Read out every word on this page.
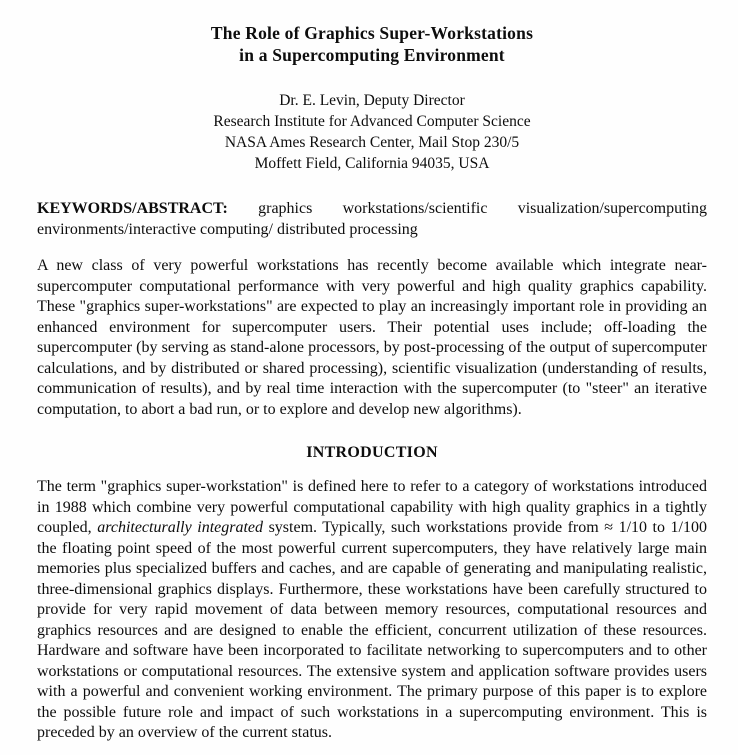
The Role of Graphics Super-Workstations
in a Supercomputing Environment
Dr. E. Levin, Deputy Director
Research Institute for Advanced Computer Science
NASA Ames Research Center, Mail Stop 230/5
Moffett Field, California 94035, USA

KEYWORDS/ABSTRACT: graphics workstations/scientific visualization/supercomputing environments/interactive computing/ distributed processing

A new class of very powerful workstations has recently become available which integrate near-supercomputer computational performance with very powerful and high quality graphics capability. These "graphics super-workstations" are expected to play an increasingly important role in providing an enhanced environment for supercomputer users. Their potential uses include; off-loading the supercomputer (by serving as stand-alone processors, by post-processing of the output of supercomputer calculations, and by distributed or shared processing), scientific visualization (understanding of results, communication of results), and by real time interaction with the supercomputer (to "steer" an iterative computation, to abort a bad run, or to explore and develop new algorithms).

INTRODUCTION

The term "graphics super-workstation" is defined here to refer to a category of workstations introduced in 1988 which combine very powerful computational capability with high quality graphics in a tightly coupled, architecturally integrated system. Typically, such workstations provide from ≈ 1/10 to 1/100 the floating point speed of the most powerful current supercomputers, they have relatively large main memories plus specialized buffers and caches, and are capable of generating and manipulating realistic, three-dimensional graphics displays. Furthermore, these workstations have been carefully structured to provide for very rapid movement of data between memory resources, computational resources and graphics resources and are designed to enable the efficient, concurrent utilization of these resources. Hardware and software have been incorporated to facilitate networking to supercomputers and to other workstations or computational resources. The extensive system and application software provides users with a powerful and convenient working environment. The primary purpose of this paper is to explore the possible future role and impact of such workstations in a supercomputing environment. This is preceded by an overview of the current status.
